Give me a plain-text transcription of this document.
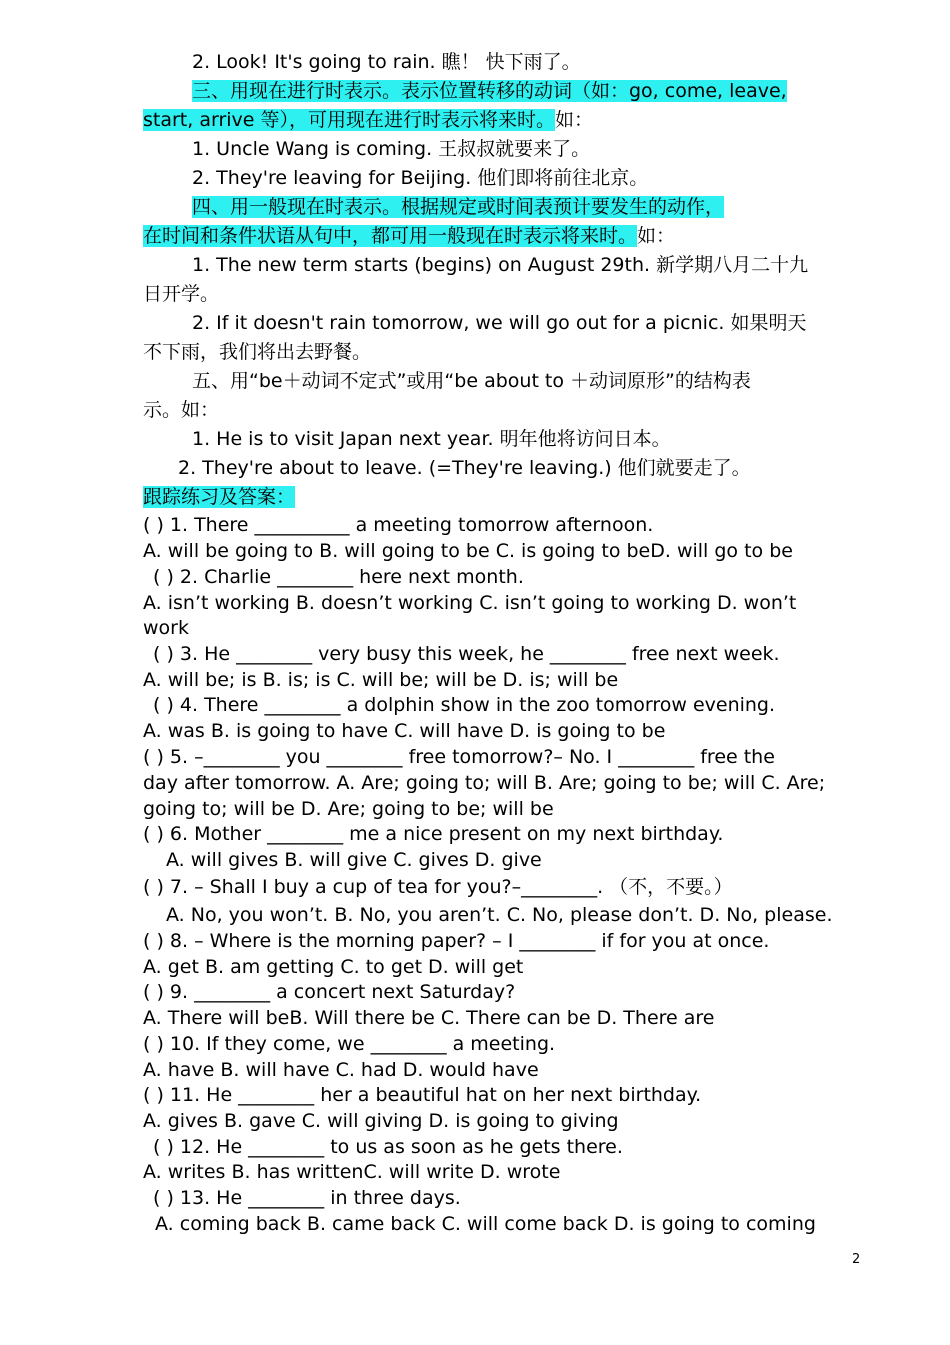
2. Look! It's going to rain. 瞧！ 快下雨了。
三、用现在进行时表示。表示位置转移的动词（如：go, come, leave,
start, arrive 等），可用现在进行时表示将来时。如：
1. Uncle Wang is coming. 王叔叔就要来了。
2. They're leaving for Beijing. 他们即将前往北京。
四、用一般现在时表示。根据规定或时间表预计要发生的动作，
在时间和条件状语从句中，都可用一般现在时表示将来时。如：
1. The new term starts (begins) on August 29th. 新学期八月二十九
日开学。
2. If it doesn't rain tomorrow, we will go out for a picnic. 如果明天
不下雨，我们将出去野餐。
五、用“be＋动词不定式”或用“be about to ＋动词原形”的结构表
示。如：
1. He is to visit Japan next year. 明年他将访问日本。
2. They're about to leave. (=They're leaving.) 他们就要走了。
跟踪练习及答案：
( ) 1. There __________ a meeting tomorrow afternoon.
A. will be going to B. will going to be C. is going to beD. will go to be
( ) 2. Charlie ________ here next month.
A. isn’t working B. doesn’t working C. isn’t going to working D. won’t
work
( ) 3. He ________ very busy this week, he ________ free next week.
A. will be; is B. is; is C. will be; will be D. is; will be
( ) 4. There ________ a dolphin show in the zoo tomorrow evening.
A. was B. is going to have C. will have D. is going to be
( ) 5. –________ you ________ free tomorrow?– No. I ________ free the
day after tomorrow. A. Are; going to; will B. Are; going to be; will C. Are;
going to; will be D. Are; going to be; will be
( ) 6. Mother ________ me a nice present on my next birthday.
A. will gives B. will give C. gives D. give
( ) 7. – Shall I buy a cup of tea for you?–________. （不，不要。）
A. No, you won’t. B. No, you aren’t. C. No, please don’t. D. No, please.
( ) 8. – Where is the morning paper? – I ________ if for you at once.
A. get B. am getting C. to get D. will get
( ) 9. ________ a concert next Saturday?
A. There will beB. Will there be C. There can be D. There are
( ) 10. If they come, we ________ a meeting.
A. have B. will have C. had D. would have
( ) 11. He ________ her a beautiful hat on her next birthday.
A. gives B. gave C. will giving D. is going to giving
( ) 12. He ________ to us as soon as he gets there.
A. writes B. has writtenC. will write D. wrote
( ) 13. He ________ in three days.
A. coming back B. came back C. will come back D. is going to coming
2
